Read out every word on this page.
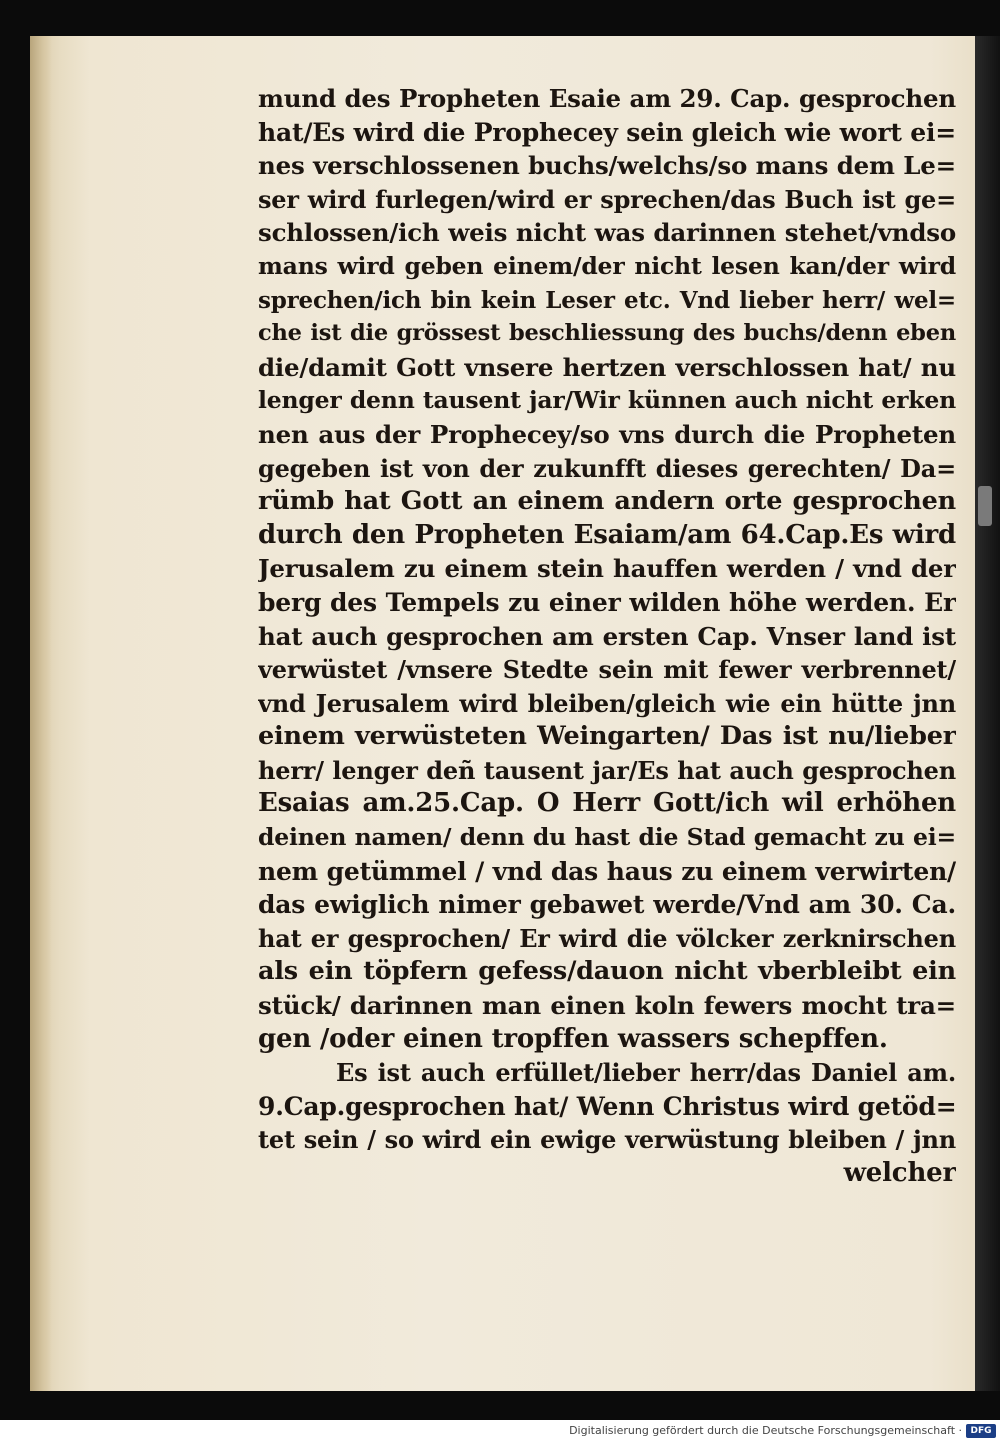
mund des Propheten Esaie am 29. Cap. gesprochen

hat/Es wird die Prophecey sein gleich wie wort ei=

nes verschlossenen buchs/welchs/so mans dem Le=

ser wird furlegen/wird er sprechen/das Buch ist ge=

schlossen/ich weis nicht was darinnen stehet/vndso

mans wird geben einem/der nicht lesen kan/der wird

sprechen/ich bin kein Leser etc. Vnd lieber herr/ wel=

che ist die grössest beschliessung des buchs/denn eben

die/damit Gott vnsere hertzen verschlossen hat/ nu

lenger denn tausent jar/Wir künnen auch nicht erken

nen aus der Prophecey/so vns durch die Propheten

gegeben ist von der zukunfft dieses gerechten/ Da=

rümb hat Gott an einem andern orte gesprochen

durch den Propheten Esaiam/am 64.Cap.Es wird

Jerusalem zu einem stein hauffen werden / vnd der

berg des Tempels zu einer wilden höhe werden. Er

hat auch gesprochen am ersten Cap. Vnser land ist

verwüstet /vnsere Stedte sein mit fewer verbrennet/

vnd Jerusalem wird bleiben/gleich wie ein hütte jnn

einem verwüsteten Weingarten/ Das ist nu/lieber

herr/ lenger deñ tausent jar/Es hat auch gesprochen

Esaias am.25.Cap. O Herr Gott/ich wil erhöhen

deinen namen/ denn du hast die Stad gemacht zu ei=

nem getümmel / vnd das haus zu einem verwirten/

das ewiglich nimer gebawet werde/Vnd am 30. Ca.

hat er gesprochen/ Er wird die völcker zerknirschen

als ein töpfern gefess/dauon nicht vberbleibt ein

stück/ darinnen man einen koln fewers mocht tra=

gen /oder einen tropffen wassers schepffen.

Es ist auch erfüllet/lieber herr/das Daniel am.

9.Cap.gesprochen hat/ Wenn Christus wird getöd=

tet sein / so wird ein ewige verwüstung bleiben / jnn

welcher

Digitalisierung gefördert durch die Deutsche Forschungsgemeinschaft · DFG
